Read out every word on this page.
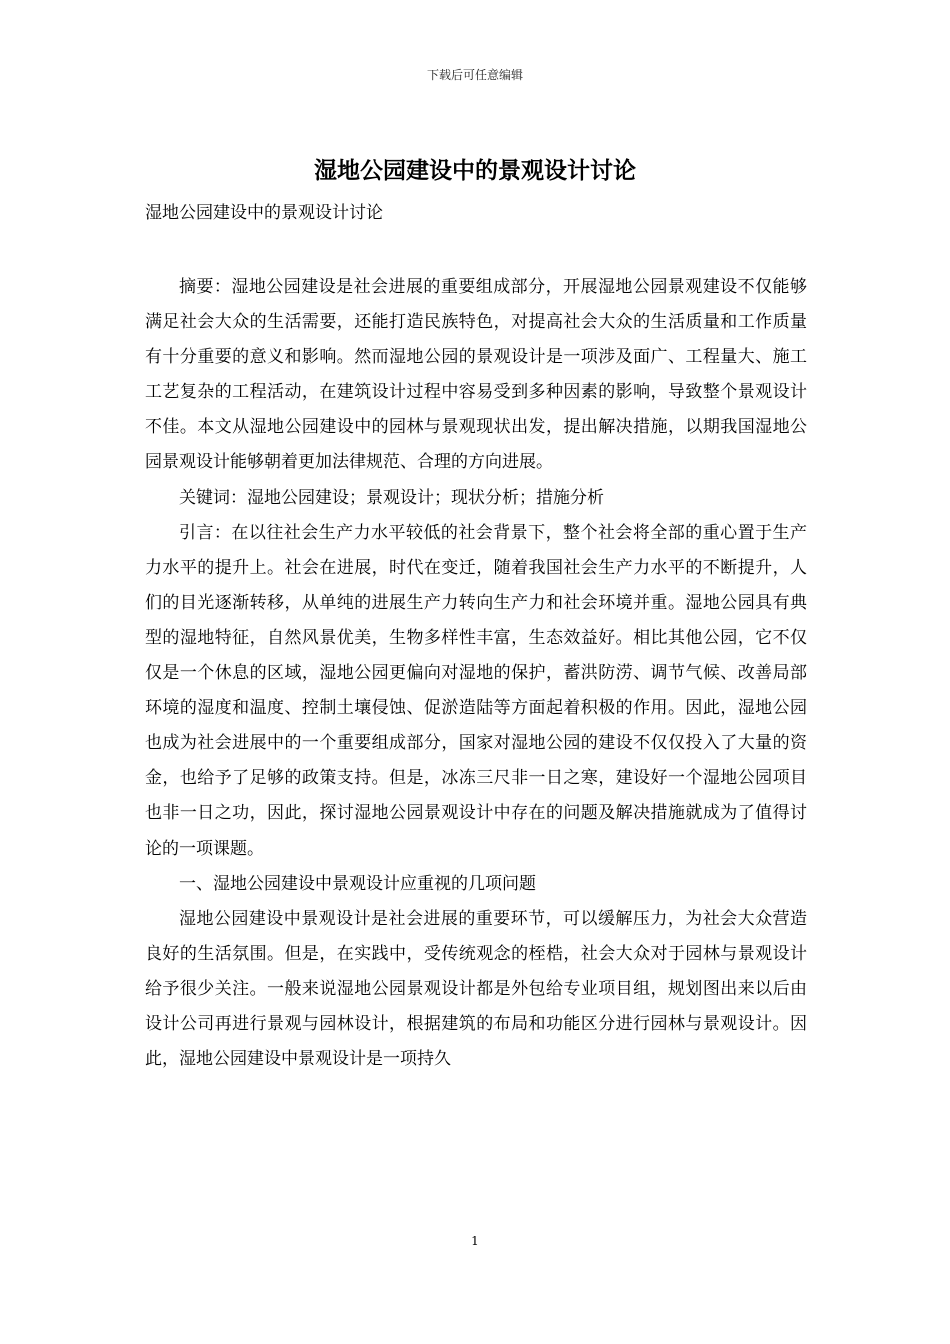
下载后可任意编辑
湿地公园建设中的景观设计讨论
湿地公园建设中的景观设计讨论

摘要：湿地公园建设是社会进展的重要组成部分，开展湿地公园景观建设不仅能够满足社会大众的生活需要，还能打造民族特色，对提高社会大众的生活质量和工作质量有十分重要的意义和影响。然而湿地公园的景观设计是一项涉及面广、工程量大、施工工艺复杂的工程活动，在建筑设计过程中容易受到多种因素的影响，导致整个景观设计不佳。本文从湿地公园建设中的园林与景观现状出发，提出解决措施，以期我国湿地公园景观设计能够朝着更加法律规范、合理的方向进展。

关键词：湿地公园建设；景观设计；现状分析；措施分析

引言：在以往社会生产力水平较低的社会背景下，整个社会将全部的重心置于生产力水平的提升上。社会在进展，时代在变迁，随着我国社会生产力水平的不断提升，人们的目光逐渐转移，从单纯的进展生产力转向生产力和社会环境并重。湿地公园具有典型的湿地特征，自然风景优美，生物多样性丰富，生态效益好。相比其他公园，它不仅仅是一个休息的区域，湿地公园更偏向对湿地的保护，蓄洪防涝、调节气候、改善局部环境的湿度和温度、控制土壤侵蚀、促淤造陆等方面起着积极的作用。因此，湿地公园也成为社会进展中的一个重要组成部分，国家对湿地公园的建设不仅仅投入了大量的资金，也给予了足够的政策支持。但是，冰冻三尺非一日之寒，建设好一个湿地公园项目也非一日之功，因此，探讨湿地公园景观设计中存在的问题及解决措施就成为了值得讨论的一项课题。

一、湿地公园建设中景观设计应重视的几项问题

湿地公园建设中景观设计是社会进展的重要环节，可以缓解压力，为社会大众营造良好的生活氛围。但是，在实践中，受传统观念的桎梏，社会大众对于园林与景观设计给予很少关注。一般来说湿地公园景观设计都是外包给专业项目组，规划图出来以后由设计公司再进行景观与园林设计，根据建筑的布局和功能区分进行园林与景观设计。因此，湿地公园建设中景观设计是一项持久

1
